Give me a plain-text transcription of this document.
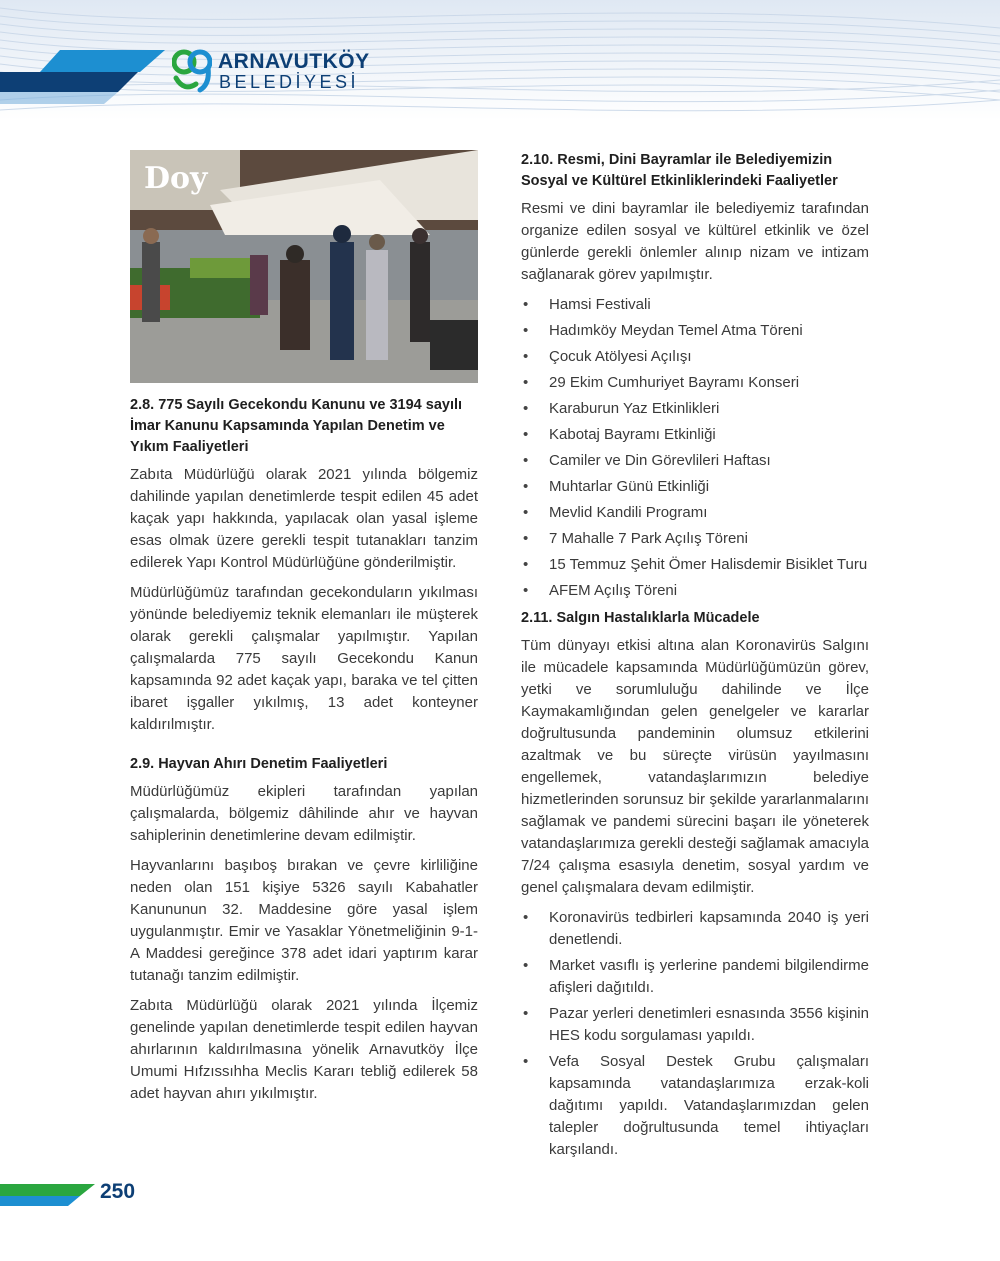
ARNAVUTKÖY
BELEDİYESİ
Doy
2.8. 775 Sayılı Gecekondu Kanunu ve 3194 sayılı İmar Kanunu Kapsamında Yapılan Denetim ve Yıkım Faaliyetleri

Zabıta Müdürlüğü olarak 2021 yılında bölgemiz dahilinde yapılan denetimlerde tespit edilen 45 adet kaçak yapı hakkında, yapılacak olan yasal işleme esas olmak üzere gerekli tespit tutanakları tanzim edilerek Yapı Kontrol Müdürlüğüne gönderilmiştir.

Müdürlüğümüz tarafından gecekonduların yıkılması yönünde belediyemiz teknik elemanları ile müşterek olarak gerekli çalışmalar yapılmıştır. Yapılan çalışmalarda 775 sayılı Gecekondu Kanun kapsamında 92 adet kaçak yapı, baraka ve tel çitten ibaret işgaller yıkılmış, 13 adet konteyner kaldırılmıştır.

2.9. Hayvan Ahırı Denetim Faaliyetleri

Müdürlüğümüz ekipleri tarafından yapılan çalışmalarda, bölgemiz dâhilinde ahır ve hayvan sahiplerinin denetimlerine devam edilmiştir.

Hayvanlarını başıboş bırakan ve çevre kirliliğine neden olan 151 kişiye 5326 sayılı Kabahatler Kanununun 32. Maddesine göre yasal işlem uygulanmıştır. Emir ve Yasaklar Yönetmeliğinin 9-1-A Maddesi gereğince 378 adet idari yaptırım karar tutanağı tanzim edilmiştir.

Zabıta Müdürlüğü olarak 2021 yılında İlçemiz genelinde yapılan denetimlerde tespit edilen hayvan ahırlarının kaldırılmasına yönelik Arnavutköy İlçe Umumi Hıfzıssıhha Meclis Kararı tebliğ edilerek 58 adet hayvan ahırı yıkılmıştır.

2.10. Resmi, Dini Bayramlar ile Belediyemizin Sosyal ve Kültürel Etkinliklerindeki Faaliyetler

Resmi ve dini bayramlar ile belediyemiz tarafından organize edilen sosyal ve kültürel etkinlik ve özel günlerde gerekli önlemler alınıp nizam ve intizam sağlanarak görev yapılmıştır.

• Hamsi Festivali
• Hadımköy Meydan Temel Atma Töreni
• Çocuk Atölyesi Açılışı
• 29 Ekim Cumhuriyet Bayramı Konseri
• Karaburun Yaz Etkinlikleri
• Kabotaj Bayramı Etkinliği
• Camiler ve Din Görevlileri Haftası
• Muhtarlar Günü Etkinliği
• Mevlid Kandili Programı
• 7 Mahalle 7 Park Açılış Töreni
• 15 Temmuz Şehit Ömer Halisdemir Bisiklet Turu
• AFEM Açılış Töreni
2.11. Salgın Hastalıklarla Mücadele

Tüm dünyayı etkisi altına alan Koronavirüs Salgını ile mücadele kapsamında Müdürlüğümüzün görev, yetki ve sorumluluğu dahilinde ve İlçe Kaymakamlığından gelen genelgeler ve kararlar doğrultusunda pandeminin olumsuz etkilerini azaltmak ve bu süreçte virüsün yayılmasını engellemek, vatandaşlarımızın belediye hizmetlerinden sorunsuz bir şekilde yararlanmalarını sağlamak ve pandemi sürecini başarı ile yöneterek vatandaşlarımıza gerekli desteği sağlamak amacıyla 7/24 çalışma esasıyla denetim, sosyal yardım ve genel çalışmalara devam edilmiştir.

• Koronavirüs tedbirleri kapsamında 2040 iş yeri denetlendi.
• Market vasıflı iş yerlerine pandemi bilgilendirme afişleri dağıtıldı.
• Pazar yerleri denetimleri esnasında 3556 kişinin HES kodu sorgulaması yapıldı.
• Vefa Sosyal Destek Grubu çalışmaları kapsamında vatandaşlarımıza erzak-koli dağıtımı yapıldı. Vatandaşlarımızdan gelen talepler doğrultusunda temel ihtiyaçları karşılandı.
250
